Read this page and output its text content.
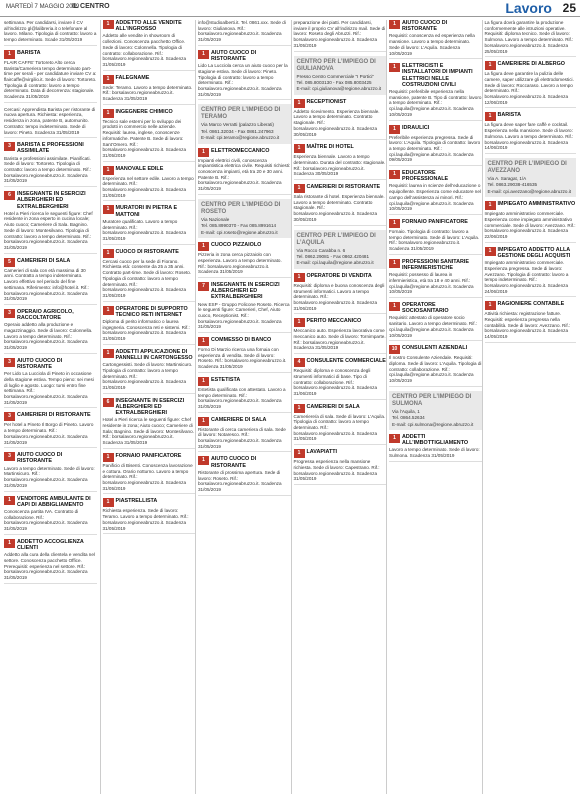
MARTEDÌ 7 MAGGIO 2019
IL CENTRO	Lavoro 25

settimana. Per candidarsi, inviare il CV all’indirizzo gl@lalibreria.it o telefonare al lavoro. Milano. Tipologia di contratto: lavoro a tempo determinato. Scade 31/05/2019

1	BARISTA

FLAIR CAFFE’ Tortoreto Alto cerca Barista/Cameriera tempo determinato part-time per serali - per candidature inviare CV a: flaircaffe@virgilio.it. Sede di lavoro: Tortoreto. Tipologia di contratto: lavoro a tempo determinato. Data di decorrenza: stagionale. Scadenza 31/05/2019

Cercasi: Apprendista Barista per ristorante di nuova apertura. Richiesta: esperienza, residenza in zona, patente B, automunito. Contratto: tempo indeterminato. Sede di lavoro: Pineto. Scadenza 31/05/2019

3	BARISTA E PROFESSIONI ASSIMILATE

Barista e professioni assimilate. Pianificati. Sede di lavoro: Tortoreto. Tipologia di contratto: lavoro a tempo determinato. Rif.: borsalavoro.regioneabruzzo.it. Scadenza 31/05/2019

6	INSEGNANTE IN ESERCIZI ALBERGHIERI ED EXTRALBERGHIERI

Hotel a Pieri ricerca le seguenti figure: Chef residente in zona esperto in cucina locale; Aiuto cuoco; Cameriere di Sala. Bagnino. Sede di lavoro: Montesilvano. Tipologia di contratto: lavoro a tempo determinato. Rif.: borsalavoro.regioneabruzzo.it. Scadenza 31/05/2019

5	CAMERIERI DI SALA

Camerieri di sala con età massima di 30 anni. Contratto a tempo indeterminato. Lavoro effettivo nel periodo del fine settimana. Riferimento: info@hotel.it. Rif.: borsalavoro.regioneabruzzo.it. Scadenza 31/05/2019

3	OPERAIO AGRICOLO, RACCOLTATORE

Operaio addetto alla produzione e magazzinaggio. Sede di lavoro: Colonnella. Lavoro a tempo determinato. Rif.: borsalavoro.regioneabruzzo.it. Scadenza 31/05/2019

3	AIUTO CUOCO DI RISTORANTE

Per Lido La Lucciola di Pineto in occasione della stagione estiva. Tempo pieno: sei mesi di luglio e agosto. Luogo: turni entro fine settimana. Rif.: borsalavoro.regioneabruzzo.it. Scadenza 31/05/2019

3	CAMERIERI DI RISTORANTE

Per hotel a Pineto Il Borgo di Pineto. Lavoro a tempo determinato. Rif.: borsalavoro.regioneabruzzo.it. Scadenza 31/05/2019

3	AIUTO CUOCO DI RISTORANTE

Lavoro a tempo determinato. Sede di lavoro: Martinsicuro. Rif.: borsalavoro.regioneabruzzo.it. Scadenza 31/05/2019

1	VENDITORE AMBULANTE DI CAPI DI ABBIGLIAMENTO

Conoscenza partita IVA. Contratto di collaborazione. Rif.: borsalavoro.regioneabruzzo.it. Scadenza 31/05/2019

1	ADDETTO ACCOGLIENZA CLIENTI

Addetto alla cura della clientela e vendita nel settore. Conoscenza pacchetto Office. Prerequisiti: esperienza nel settore. Rif.: borsalavoro.regioneabruzzo.it. Scadenza 31/05/2019

1	ADDETTO ALLE VENDITE ALL'INGROSSO

Addetto alle vendite in showroom di collezioni. Conoscenza pacchetto Office. Sede di lavoro: Colonnella. Tipologia di contratto: collaborazione. Rif.: borsalavoro.regioneabruzzo.it. Scadenza 31/05/2019

1	FALEGNAME

Sede: Teramo. Lavoro a tempo determinato. Rif.: borsalavoro.regioneabruzzo.it. Scadenza 31/05/2019

1	INGEGNERE CHIMICO

Tecnico sale esterni per lo sviluppo dei prodotti in commercio nelle aziende. Requisiti: laurea, inglese, conoscenze informatiche. Patente B. Sede di lavoro: Sant’Omero. Rif.: borsalavoro.regioneabruzzo.it. Scadenza 31/05/2019

1	MANOVALE EDILE

Esperienza nel settore edile. Lavoro a tempo determinato. Rif.: borsalavoro.regioneabruzzo.it. Scadenza 31/05/2019

1	MURATORI IN PIETRA E MATTONI

Muratore qualificato. Lavoro a tempo determinato. Rif.: borsalavoro.regioneabruzzo.it. Scadenza 31/05/2019

1	CUOCO DI RISTORANTE

Cercasi cuoco per la sede di Fiorano. Richiesta età: consente da 25 a 35 anni. Contratto part-time. Sede di lavoro: Roseto. Tipologia di contratto: lavoro a tempo determinato. Rif.: borsalavoro.regioneabruzzo.it. Scadenza 31/05/2019

1	OPERATORE DI SUPPORTO TECNICO RETI INTERNET

Diploma di perito informatico o laurea ingegneria. Conoscenza reti e sistemi. Rif.: borsalavoro.regioneabruzzo.it. Scadenza 31/05/2019

1	ADDETTI APPLICAZIONE DI PANNELLI IN CARTONGESSO

Cartongessisti. Sede di lavoro: Martinsicuro. Tipologia di contratto: lavoro a tempo determinato. Rif.: borsalavoro.regioneabruzzo.it. Scadenza 31/05/2019

6	INSEGNANTE IN ESERCIZI ALBERGHIERI ED EXTRALBERGHIERI

Hotel a Pieri ricerca le seguenti figure: Chef residente in zona; Aiuto cuoco; Cameriere di Sala; Bagnino. Sede di lavoro: Montesilvano. Rif.: borsalavoro.regioneabruzzo.it. Scadenza 31/05/2019

1	FORNAIO PANIFICATORE

Panificio di Bisenti. Conoscenza lavorazione e cottura. Orario notturno. Lavoro a tempo determinato. Rif.: borsalavoro.regioneabruzzo.it. Scadenza 31/05/2019

1	PIASTRELLISTA

Richiesta esperienza. Sede di lavoro: Teramo. Lavoro a tempo determinato. Rif.: borsalavoro.regioneabruzzo.it. Scadenza 31/05/2019

info@studioalberti.it. Tel. 0861.xxx. Sede di lavoro: Giulianova. Rif.: borsalavoro.regioneabruzzo.it. Scadenza 31/05/2019

1	AIUTO CUOCO DI RISTORANTE

Lido La Lucciola cerca un aiuto cuoco per la stagione estiva. Sede di lavoro: Pineto. Tipologia di contratto: lavoro a tempo determinato. Rif.: borsalavoro.regioneabruzzo.it. Scadenza 31/05/2019

CENTRO PER L’IMPIEGO DI TERAMO
Via Marco Verratti (palazzo Liberati)
Tel. 0861.32034 - Fax 0861.247963
E-mail: cpi.teramo@regione.abruzzo.it
1	ELETTROMECCANICO

Impianti elettrici civili, conoscenza impiantistica elettrica civile. Requisiti richiesti: conoscenza impianti, età tra 20 e 30 anni. Patente B. Rif.: borsalavoro.regioneabruzzo.it. Scadenza 31/05/2019

CENTRO PER L’IMPIEGO DI ROSETO
Via Nazionale
Tel. 085.8990370 - Fax 085.8991614
E-mail: cpi.roseto@regione.abruzzo.it
1	CUOCO PIZZAIOLO

Pizzeria in zona cerca pizzaiolo con esperienza. Lavoro a tempo determinato. Rif.: borsalavoro.regioneabruzzo.it. Scadenza 31/05/2019

7	INSEGNANTE IN ESERCIZI ALBERGHIERI ED EXTRALBERGHIERI

New ESP - Gruppo Folicone Roseto. Ricerca le seguenti figure: Camerieri, Chef, Aiuto cuoco, Receptionist. Rif.: borsalavoro.regioneabruzzo.it. Scadenza 31/05/2019

1	COMMESSO DI BANCO

Forno Di Marzio ricerca una fornaia con esperienza di vendita. Sede di lavoro: Roseto. Rif.: borsalavoro.regioneabruzzo.it. Scadenza 31/05/2019

1	ESTETISTA

Estetista qualificata con attestato. Lavoro a tempo determinato. Rif.: borsalavoro.regioneabruzzo.it. Scadenza 31/05/2019

1	CAMERIERE DI SALA

Ristorante di cerca cameriera di sala. Sede di lavoro: Notaresco. Rif.: borsalavoro.regioneabruzzo.it. Scadenza 31/05/2019

1	AIUTO CUOCO DI RISTORANTE

Ristorante di prossima apertura. Sede di lavoro: Roseto. Rif.: borsalavoro.regioneabruzzo.it. Scadenza 31/05/2019

preparazione dei piatti. Per candidarsi, inviare il proprio CV all’indirizzo mail. Sede di lavoro: Roseto degli Abruzzi. Rif.: borsalavoro.regioneabruzzo.it. Scadenza 31/05/2019

CENTRO PER L’IMPIEGO DI GIULIANOVA
Presso Centro Commerciale "I Portici"
Tel. 085.8003130 - Fax 085.8003425
E-mail: cpi.giulianova@regione.abruzzo.it
1	RECEPTIONIST

Addetto ricevimento. Esperienza biennale. Lavoro a tempo determinato. Contratto stagionale. Rif.: borsalavoro.regioneabruzzo.it. Scadenza 30/05/2019

1	MAÎTRE DI HOTEL

Esperienza biennale. Lavoro a tempo determinato. Durata del contratto: stagionale. Rif.: borsalavoro.regioneabruzzo.it. Scadenza 30/05/2019

1	CAMERIERI DI RISTORANTE

Sala ristorante di hotel. Esperienza biennale. Lavoro a tempo determinato. Contratto stagionale. Rif.: borsalavoro.regioneabruzzo.it. Scadenza 30/05/2019

CENTRO PER L’IMPIEGO DI L’AQUILA
Via Rocco Carabba n. 6
Tel. 0862.29081 - Fax 0862.420481
E-mail: cpi.laquila@regione.abruzzo.it
1	OPERATORE DI VENDITA

Requisiti: diploma e buona conoscenza degli strumenti informatici. Lavoro a tempo determinato. Rif.: borsalavoro.regioneabruzzo.it. Scadenza 31/06/2019

1	PERITO MECCANICO

Meccanico auto. Esperienza lavorativa come meccanico auto. Sede di lavoro: Tornimparte. Rif.: borsalavoro.regioneabruzzo.it. Scadenza 31/05/2019

4	CONSULENTE COMMERCIALE

Requisiti: diploma e conoscenza degli strumenti informatici di base. Tipo di contratto: collaborazione. Rif.: borsalavoro.regioneabruzzo.it. Scadenza 31/06/2019

1	CAMERIERI DI SALA

Cameriere/a di sala. Sede di lavoro: L’Aquila. Tipologia di contratto: lavoro a tempo determinato. Rif.: borsalavoro.regioneabruzzo.it. Scadenza 31/05/2019

1	LAVAPIATTI

Progressa esperienza nella mansione richiesta. Sede di lavoro: Capestrano. Rif.: borsalavoro.regioneabruzzo.it. Scadenza 31/05/2019

1	AIUTO CUOCO DI RISTORANTE

Requisiti: conoscenza ed esperienza nella mansione. Lavoro a tempo determinato. Sede di lavoro: L’Aquila. Scadenza 10/05/2019

1	ELETTRICISTI E INSTALLATORI DI IMPIANTI ELETTRICI NELLE COSTRUZIONI CIVILI

Requisiti: preferibile esperienza nella mansione, patente B. Tipo di contratto: lavoro a tempo determinato. Rif.: cpi.laquila@regione.abruzzo.it. Scadenza 10/05/2019

1	IDRAULICI

Preferibile esperienza pregressa. Sede di lavoro: L’Aquila. Tipologia di contratto: lavoro a tempo determinato. Rif.: cpi.laquila@regione.abruzzo.it. Scadenza 09/05/2019

1	EDUCATORE PROFESSIONALE

Requisiti: laurea in scienze dell’educazione o equipollente. Esperienza come educatore nel campo dell’assistenza ai minori. Rif.: cpi.laquila@regione.abruzzo.it. Scadenza 10/05/2019

1	FORNAIO PANIFICATORE

Fornaio. Tipologia di contratto: lavoro a tempo determinato. Sede di lavoro: L’Aquila. Rif.: borsalavoro.regioneabruzzo.it. Scadenza 31/05/2019

1	PROFESSIONI SANITARIE INFERMIERISTICHE

Requisiti: possesso di laurea in infermieristica, età tra 18 e 40 anni. Rif.: cpi.laquila@regione.abruzzo.it. Scadenza 10/05/2019

1	OPERATORE SOCIOSANITARIO

Requisiti: attestato di operatore socio sanitario. Lavoro a tempo determinato. Rif.: cpi.laquila@regione.abruzzo.it. Scadenza 10/05/2019

10 CONSULENTI AZIENDALI

Il nostro Consulente Aziendale. Requisiti: diploma. Sede di lavoro: L’Aquila. Tipologia di contratto: collaborazione. Rif.: cpi.laquila@regione.abruzzo.it. Scadenza 10/05/2019

CENTRO PER L’IMPIEGO DI SULMONA
Via l’Aquila, 1
Tel. 0864.52634
E-mail: cpi.sulmona@regione.abruzzo.it
1	ADDETTI ALL’IMBOTTIGLIAMENTO

Lavoro a tempo determinato. Sede di lavoro: Sulmona. Scadenza 31/05/2019

La figura dovrà garantire la produzione conformemente alle istruzioni operative. Requisiti: diploma tecnico. Sede di lavoro: Sulmona. Lavoro a tempo determinato. Rif.: borsalavoro.regioneabruzzo.it. Scadenza 25/05/2019

1	CAMERIERE DI ALBERGO

La figura deve garantire la pulizia delle camere, saper utilizzare gli elettrodomestici. Sede di lavoro: Roccaraso. Lavoro a tempo determinato. Rif.: borsalavoro.regioneabruzzo.it. Scadenza 12/06/2019

1	BARISTA

La figura deve saper fare caffè e cocktail. Esperienza nella mansione. Sede di lavoro: Sulmona. Lavoro a tempo determinato. Rif.: borsalavoro.regioneabruzzo.it. Scadenza 14/06/2019

CENTRO PER L’IMPIEGO DI AVEZZANO
Via A. Saragat, 1/A
Tel. 0863.29038-416535
E-mail: cpi.avezzano@regione.abruzzo.it
1	IMPIEGATO AMMINISTRATIVO

Impiegato amministrativo commerciale. Esperienza come impiegato amministrativo commerciale. Sede di lavoro: Avezzano. Rif.: borsalavoro.regioneabruzzo.it. Scadenza 22/06/2019

1	IMPIEGATO ADDETTO ALLA GESTIONE DEGLI ACQUISTI

Impiegato amministrativo commerciale. Esperienza pregressa. Sede di lavoro: Avezzano. Tipologia di contratto: lavoro a tempo indeterminato. Rif.: borsalavoro.regioneabruzzo.it. Scadenza 24/06/2019

1	RAGIONIERE CONTABILE

Attività richiesta: registrazione fatture. Requisiti: esperienza pregressa nella contabilità. Sede di lavoro: Avezzano. Rif.: borsalavoro.regioneabruzzo.it. Scadenza 14/05/2019
